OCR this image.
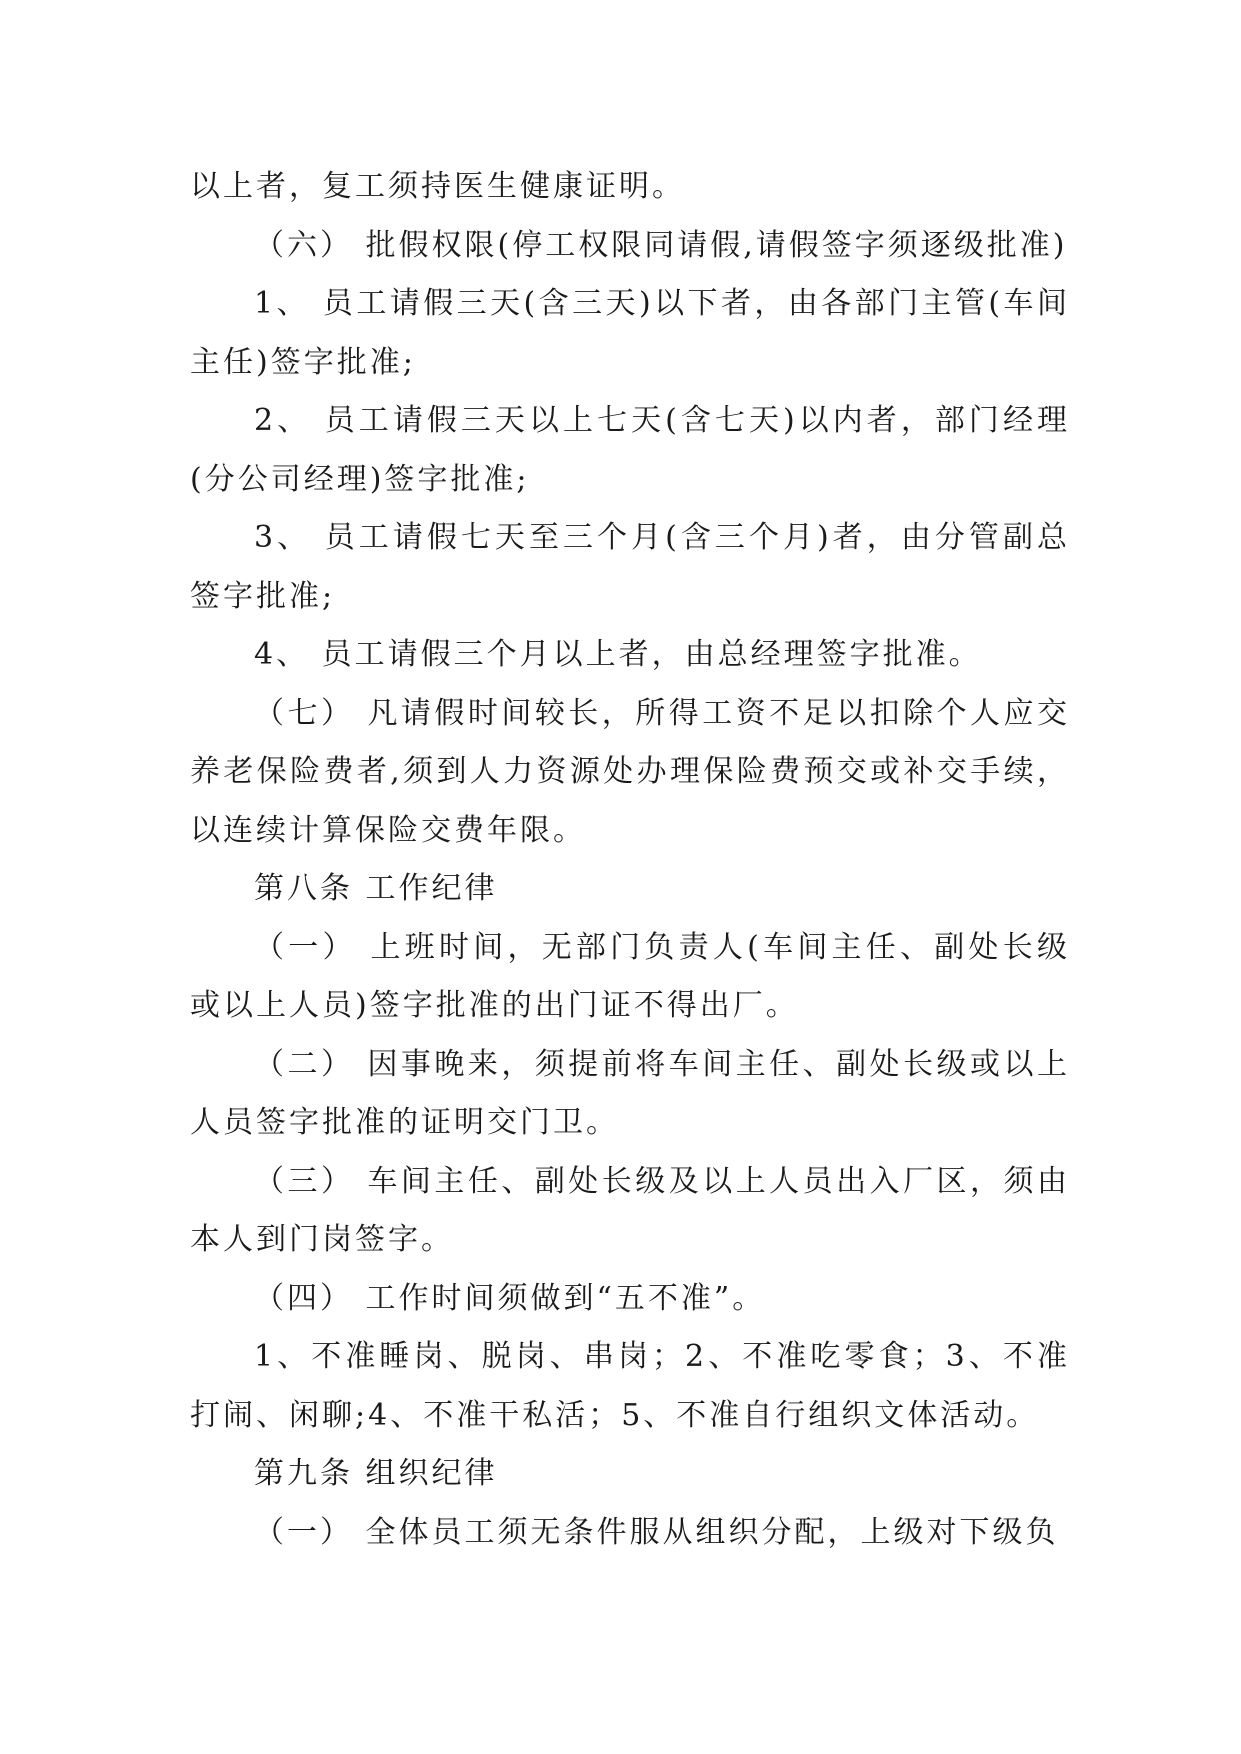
以上者，复工须持医生健康证明。

（六） 批假权限(停工权限同请假,请假签字须逐级批准)

1、 员工请假三天(含三天)以下者，由各部门主管(车间主任)签字批准;

2、 员工请假三天以上七天(含七天)以内者，部门经理(分公司经理)签字批准;

3、 员工请假七天至三个月(含三个月)者，由分管副总签字批准;

4、 员工请假三个月以上者，由总经理签字批准。

（七） 凡请假时间较长，所得工资不足以扣除个人应交养老保险费者,须到人力资源处办理保险费预交或补交手续，以连续计算保险交费年限。

第八条 工作纪律

（一） 上班时间，无部门负责人(车间主任、副处长级或以上人员)签字批准的出门证不得出厂。

（二） 因事晚来，须提前将车间主任、副处长级或以上人员签字批准的证明交门卫。

（三） 车间主任、副处长级及以上人员出入厂区，须由本人到门岗签字。

（四） 工作时间须做到“五不准”。

1、不准睡岗、脱岗、串岗；2、不准吃零食；3、不准打闹、闲聊;4、不准干私活；5、不准自行组织文体活动。

第九条 组织纪律

（一） 全体员工须无条件服从组织分配，上级对下级负
